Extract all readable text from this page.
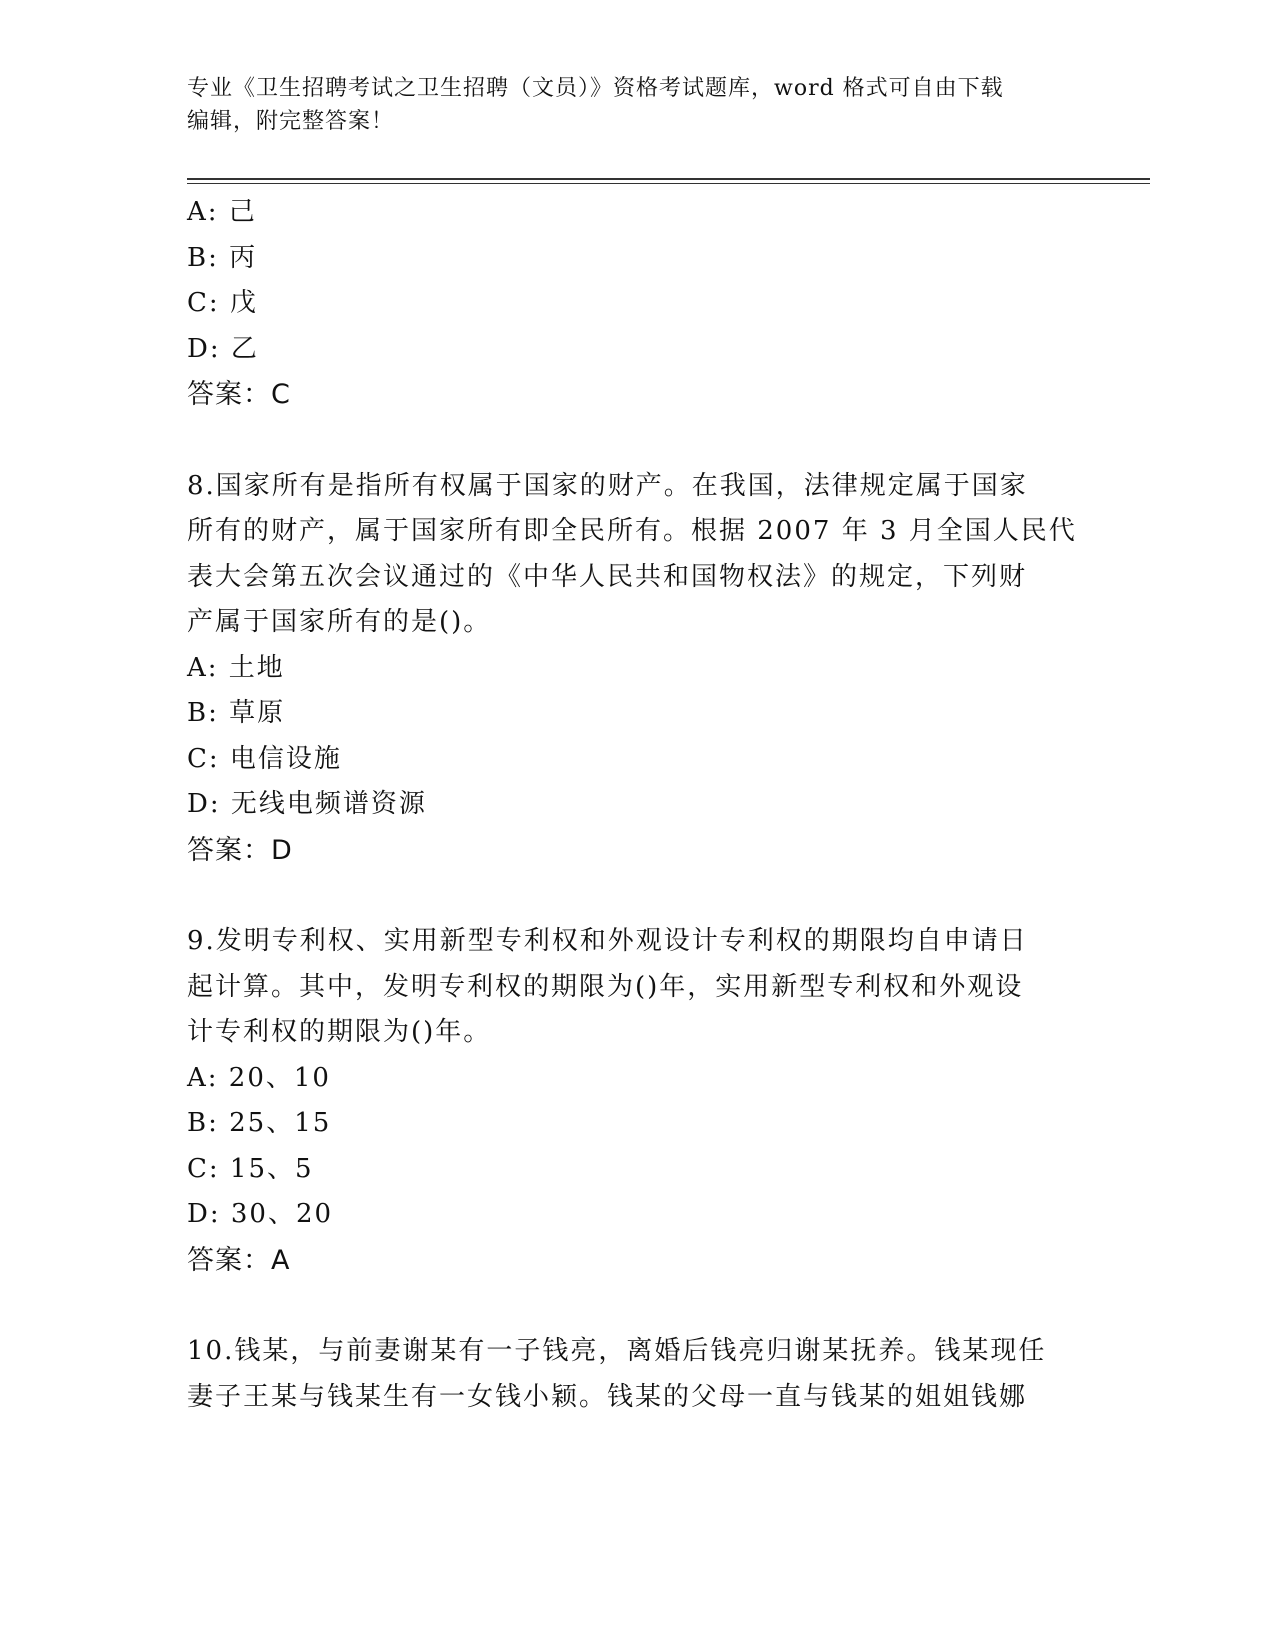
专业《卫生招聘考试之卫生招聘（文员）》资格考试题库，word 格式可自由下载
编辑，附完整答案！
A: 己
B: 丙
C: 戊
D: 乙
答案：C
8.国家所有是指所有权属于国家的财产。在我国，法律规定属于国家
所有的财产，属于国家所有即全民所有。根据 2007 年 3 月全国人民代
表大会第五次会议通过的《中华人民共和国物权法》的规定，下列财
产属于国家所有的是()。
A: 土地
B: 草原
C: 电信设施
D: 无线电频谱资源
答案：D
9.发明专利权、实用新型专利权和外观设计专利权的期限均自申请日
起计算。其中，发明专利权的期限为()年，实用新型专利权和外观设
计专利权的期限为()年。
A: 20、10
B: 25、15
C: 15、5
D: 30、20
答案：A
10.钱某，与前妻谢某有一子钱亮，离婚后钱亮归谢某抚养。钱某现任
妻子王某与钱某生有一女钱小颖。钱某的父母一直与钱某的姐姐钱娜
